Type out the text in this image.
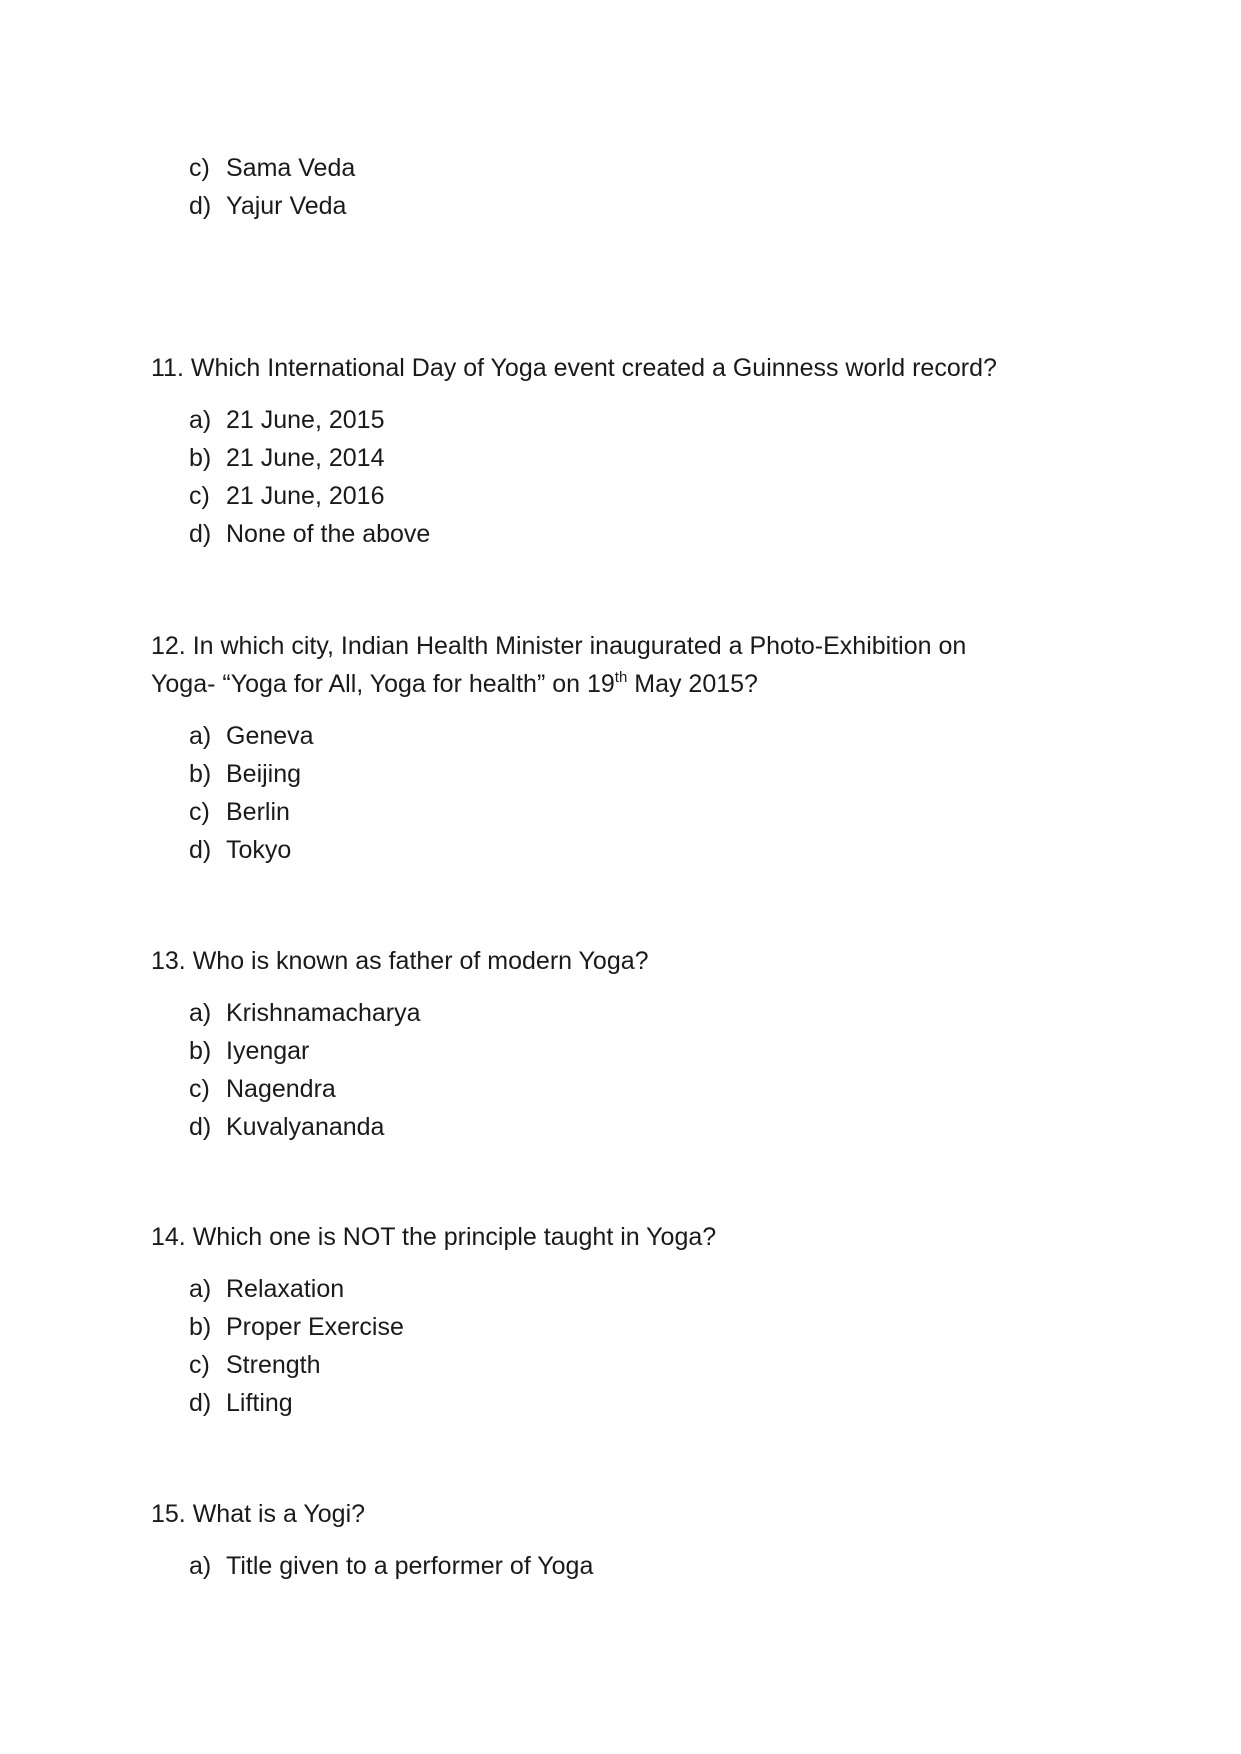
c) Sama Veda
d) Yajur Veda

11. Which International Day of Yoga event created a Guinness world record?

a) 21 June, 2015
b) 21 June, 2014
c) 21 June, 2016
d) None of the above

12. In which city, Indian Health Minister inaugurated a Photo-Exhibition on
Yoga- “Yoga for All, Yoga for health” on 19th May 2015?

a) Geneva
b) Beijing
c) Berlin
d) Tokyo

13. Who is known as father of modern Yoga?

a) Krishnamacharya
b) Iyengar
c) Nagendra
d) Kuvalyananda

14. Which one is NOT the principle taught in Yoga?

a) Relaxation
b) Proper Exercise
c) Strength
d) Lifting

15. What is a Yogi?

a) Title given to a performer of Yoga
